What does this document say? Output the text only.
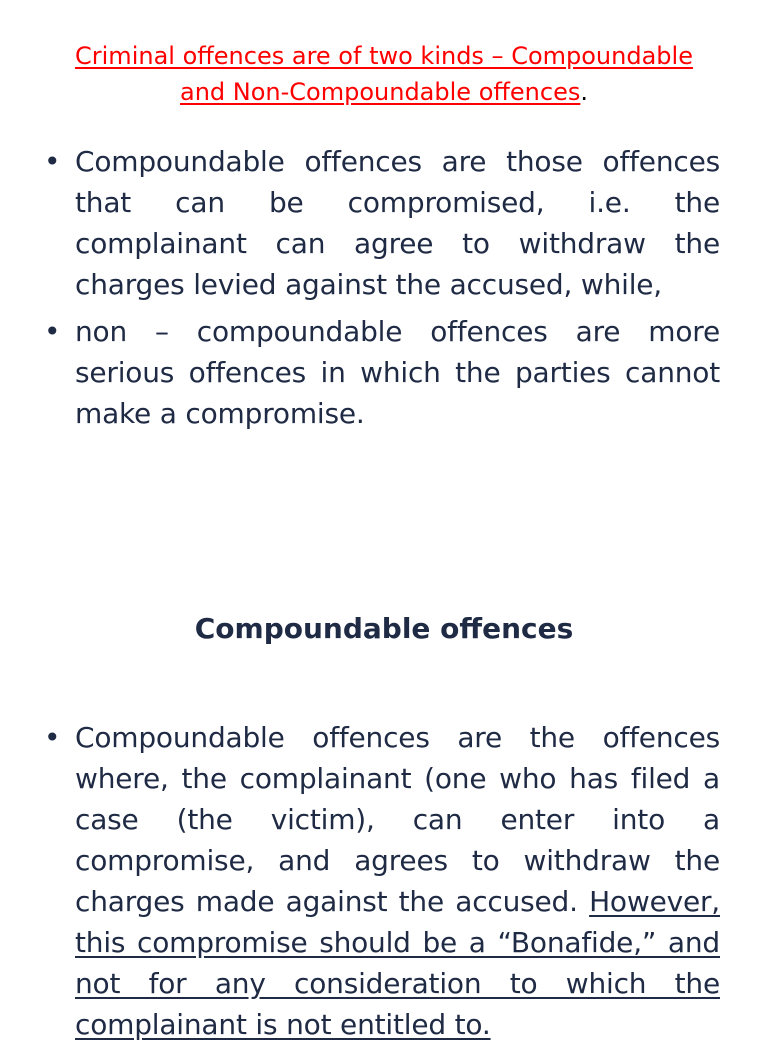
Criminal offences are of two kinds – Compoundable and Non-Compoundable offences.
• Compoundable offences are those offences that can be compromised, i.e. the complainant can agree to withdraw the charges levied against the accused, while,
• non – compoundable offences are more serious offences in which the parties cannot make a compromise.
Compoundable offences
• Compoundable offences are the offences where, the complainant (one who has filed a case (the victim), can enter into a compromise, and agrees to withdraw the charges made against the accused. However, this compromise should be a “Bonafide,” and not for any consideration to which the complainant is not entitled to.
